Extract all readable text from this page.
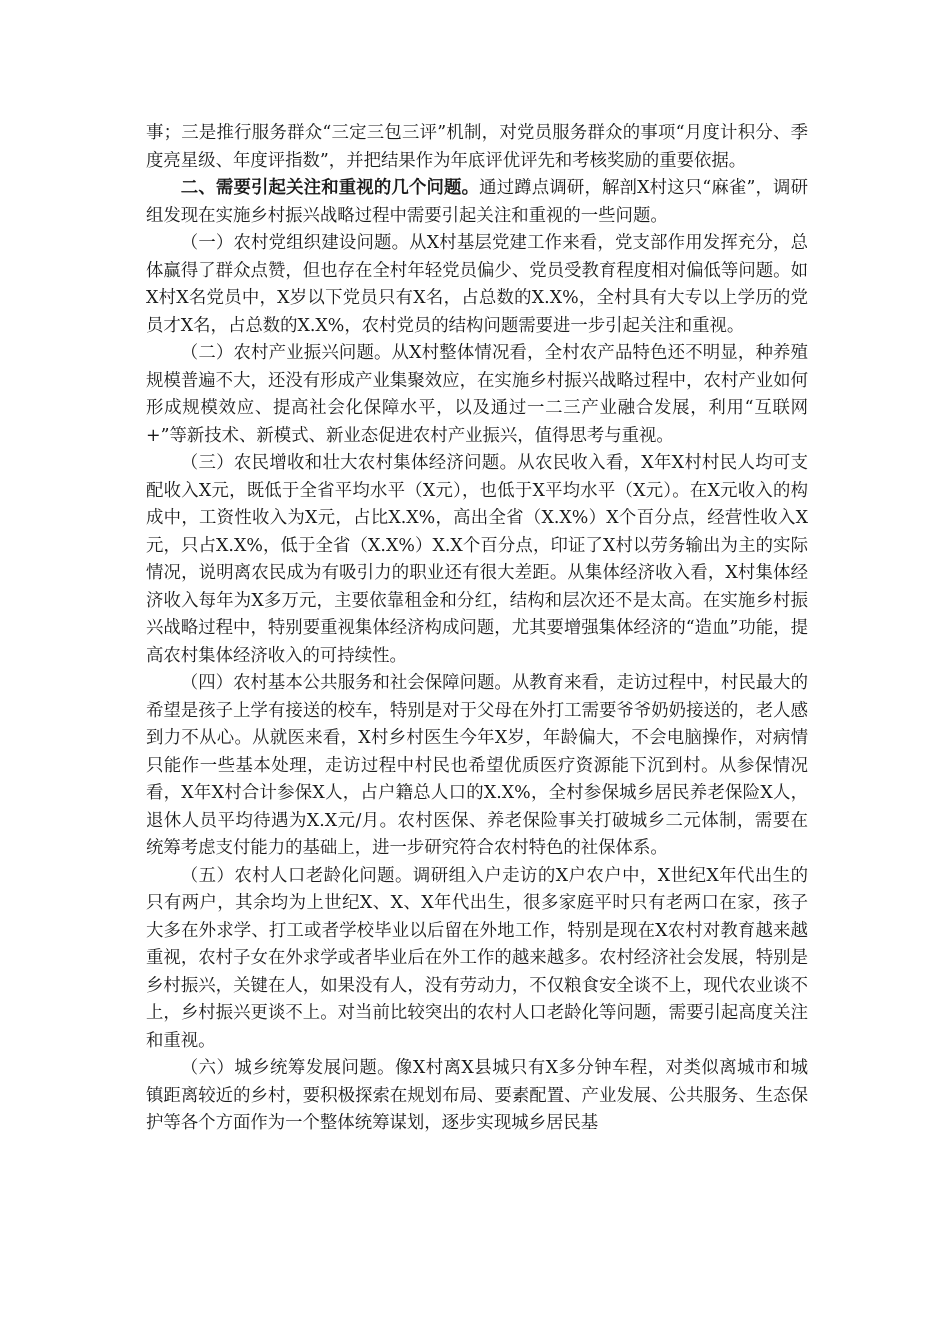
事；三是推行服务群众“三定三包三评”机制，对党员服务群众的事项“月度计积分、季度亮星级、年度评指数”，并把结果作为年底评优评先和考核奖励的重要依据。

二、需要引起关注和重视的几个问题。通过蹲点调研，解剖X村这只“麻雀”，调研组发现在实施乡村振兴战略过程中需要引起关注和重视的一些问题。

（一）农村党组织建设问题。从X村基层党建工作来看，党支部作用发挥充分，总体赢得了群众点赞，但也存在全村年轻党员偏少、党员受教育程度相对偏低等问题。如X村X名党员中，X岁以下党员只有X名，占总数的X.X%，全村具有大专以上学历的党员才X名，占总数的X.X%，农村党员的结构问题需要进一步引起关注和重视。

（二）农村产业振兴问题。从X村整体情况看，全村农产品特色还不明显，种养殖规模普遍不大，还没有形成产业集聚效应，在实施乡村振兴战略过程中，农村产业如何形成规模效应、提高社会化保障水平，以及通过一二三产业融合发展，利用“互联网+”等新技术、新模式、新业态促进农村产业振兴，值得思考与重视。

（三）农民增收和壮大农村集体经济问题。从农民收入看，X年X村村民人均可支配收入X元，既低于全省平均水平（X元），也低于X平均水平（X元）。在X元收入的构成中，工资性收入为X元，占比X.X%，高出全省（X.X%）X个百分点，经营性收入X元，只占X.X%，低于全省（X.X%）X.X个百分点，印证了X村以劳务输出为主的实际情况，说明离农民成为有吸引力的职业还有很大差距。从集体经济收入看，X村集体经济收入每年为X多万元，主要依靠租金和分红，结构和层次还不是太高。在实施乡村振兴战略过程中，特别要重视集体经济构成问题，尤其要增强集体经济的“造血”功能，提高农村集体经济收入的可持续性。

（四）农村基本公共服务和社会保障问题。从教育来看，走访过程中，村民最大的希望是孩子上学有接送的校车，特别是对于父母在外打工需要爷爷奶奶接送的，老人感到力不从心。从就医来看，X村乡村医生今年X岁，年龄偏大，不会电脑操作，对病情只能作一些基本处理，走访过程中村民也希望优质医疗资源能下沉到村。从参保情况看，X年X村合计参保X人，占户籍总人口的X.X%，全村参保城乡居民养老保险X人，退休人员平均待遇为X.X元/月。农村医保、养老保险事关打破城乡二元体制，需要在统筹考虑支付能力的基础上，进一步研究符合农村特色的社保体系。

（五）农村人口老龄化问题。调研组入户走访的X户农户中，X世纪X年代出生的只有两户，其余均为上世纪X、X、X年代出生，很多家庭平时只有老两口在家，孩子大多在外求学、打工或者学校毕业以后留在外地工作，特别是现在X农村对教育越来越重视，农村子女在外求学或者毕业后在外工作的越来越多。农村经济社会发展，特别是乡村振兴，关键在人，如果没有人，没有劳动力，不仅粮食安全谈不上，现代农业谈不上，乡村振兴更谈不上。对当前比较突出的农村人口老龄化等问题，需要引起高度关注和重视。

（六）城乡统筹发展问题。像X村离X县城只有X多分钟车程，对类似离城市和城镇距离较近的乡村，要积极探索在规划布局、要素配置、产业发展、公共服务、生态保护等各个方面作为一个整体统筹谋划，逐步实现城乡居民基
